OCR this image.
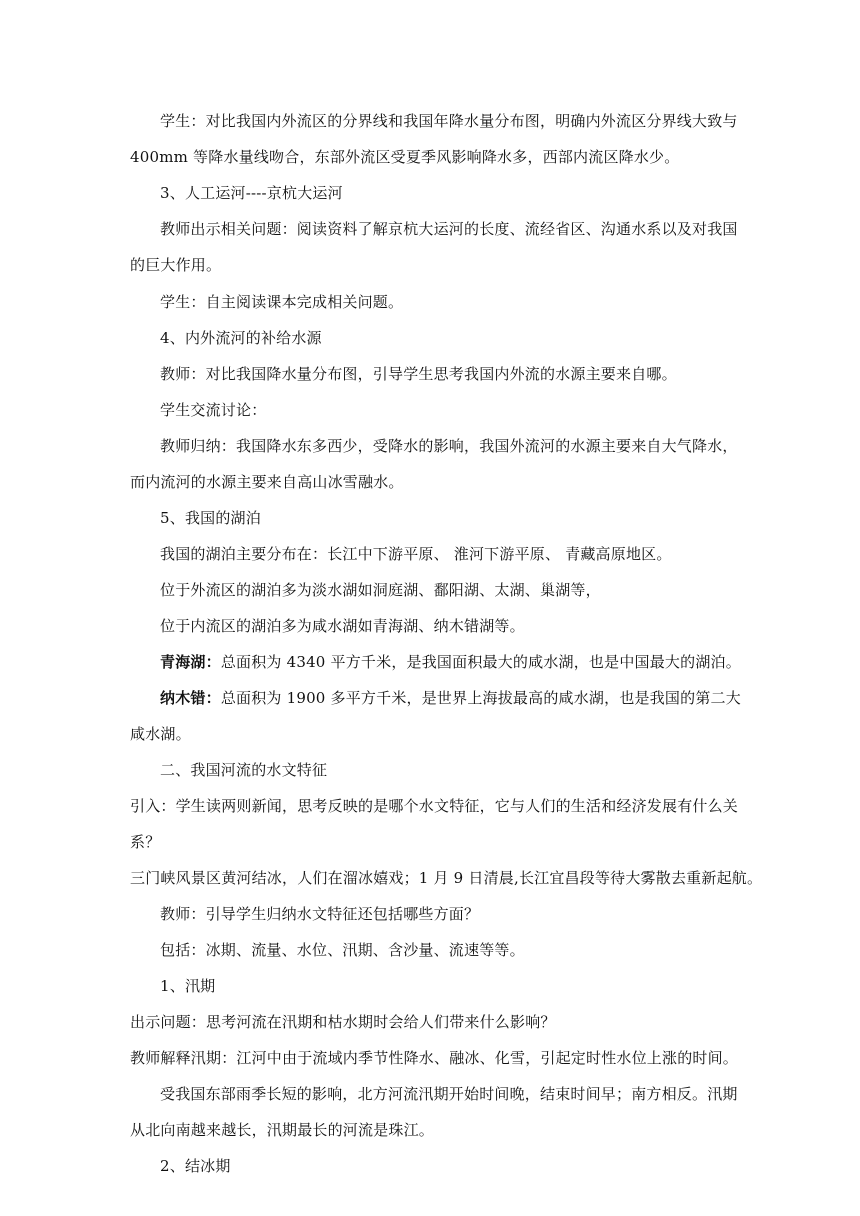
学生：对比我国内外流区的分界线和我国年降水量分布图，明确内外流区分界线大致与
400mm 等降水量线吻合，东部外流区受夏季风影响降水多，西部内流区降水少。
3、人工运河----京杭大运河
教师出示相关问题：阅读资料了解京杭大运河的长度、流经省区、沟通水系以及对我国
的巨大作用。
学生：自主阅读课本完成相关问题。
4、内外流河的补给水源
教师：对比我国降水量分布图，引导学生思考我国内外流的水源主要来自哪。
学生交流讨论：
教师归纳：我国降水东多西少，受降水的影响，我国外流河的水源主要来自大气降水，
而内流河的水源主要来自高山冰雪融水。
5、我国的湖泊
我国的湖泊主要分布在：长江中下游平原、 淮河下游平原、 青藏高原地区。
位于外流区的湖泊多为淡水湖如洞庭湖、鄱阳湖、太湖、巢湖等，
位于内流区的湖泊多为咸水湖如青海湖、纳木错湖等。
青海湖：总面积为 4340 平方千米，是我国面积最大的咸水湖，也是中国最大的湖泊。
纳木错：总面积为 1900 多平方千米，是世界上海拔最高的咸水湖，也是我国的第二大
咸水湖。
二、我国河流的水文特征
引入：学生读两则新闻，思考反映的是哪个水文特征，它与人们的生活和经济发展有什么关
系？
三门峡风景区黄河结冰，人们在溜冰嬉戏；1 月 9 日清晨,长江宜昌段等待大雾散去重新起航。
教师：引导学生归纳水文特征还包括哪些方面？
包括：冰期、流量、水位、汛期、含沙量、流速等等。
1、汛期
出示问题：思考河流在汛期和枯水期时会给人们带来什么影响？
教师解释汛期：江河中由于流域内季节性降水、融冰、化雪，引起定时性水位上涨的时间。
受我国东部雨季长短的影响，北方河流汛期开始时间晚，结束时间早；南方相反。汛期
从北向南越来越长，汛期最长的河流是珠江。
2、结冰期
